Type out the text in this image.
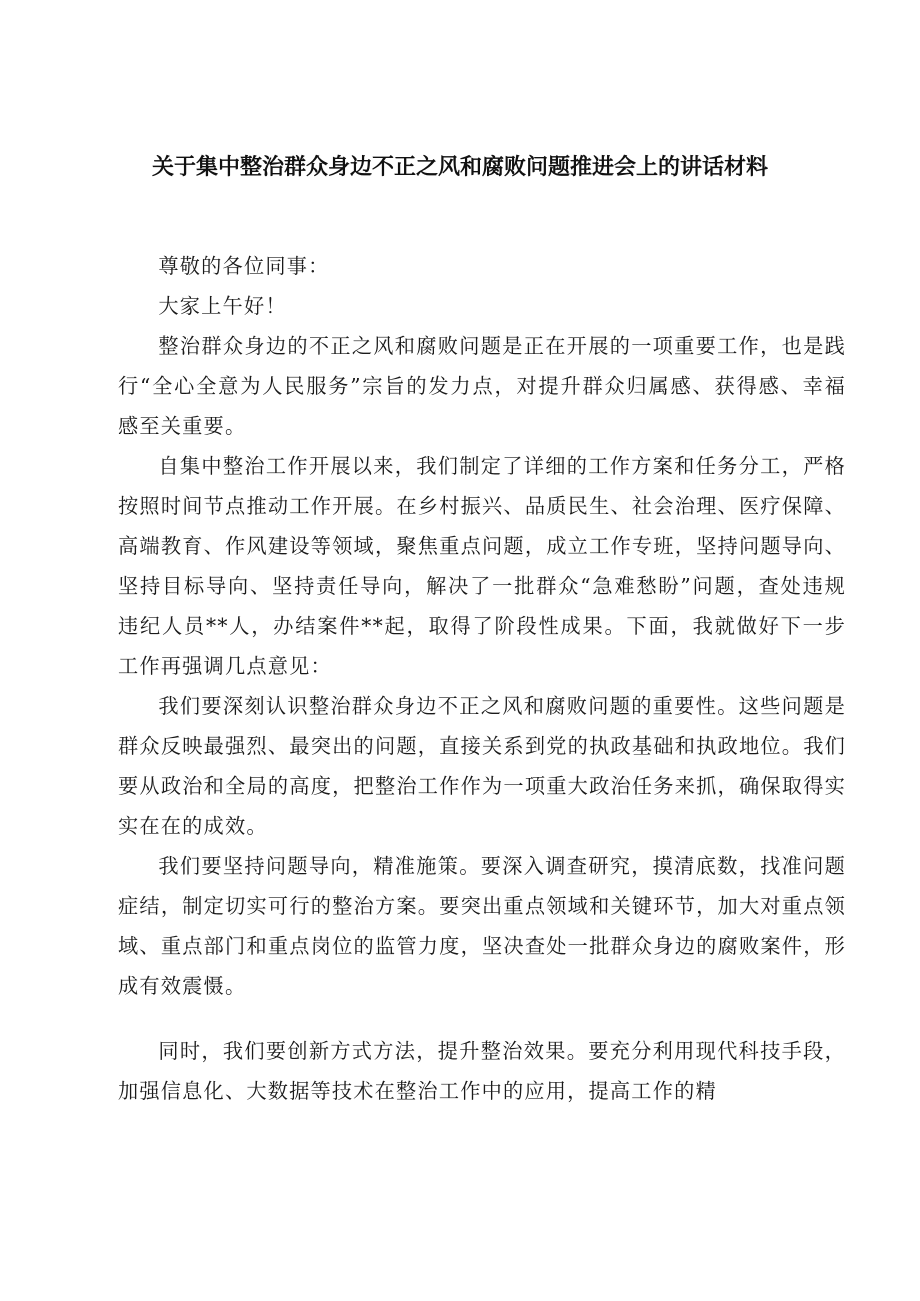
关于集中整治群众身边不正之风和腐败问题推进会上的讲话材料

尊敬的各位同事：

大家上午好！

整治群众身边的不正之风和腐败问题是正在开展的一项重要工作，也是践行“全心全意为人民服务”宗旨的发力点，对提升群众归属感、获得感、幸福感至关重要。

自集中整治工作开展以来，我们制定了详细的工作方案和任务分工，严格按照时间节点推动工作开展。在乡村振兴、品质民生、社会治理、医疗保障、高端教育、作风建设等领域，聚焦重点问题，成立工作专班，坚持问题导向、坚持目标导向、坚持责任导向，解决了一批群众“急难愁盼”问题，查处违规违纪人员**人，办结案件**起，取得了阶段性成果。下面，我就做好下一步工作再强调几点意见：

我们要深刻认识整治群众身边不正之风和腐败问题的重要性。这些问题是群众反映最强烈、最突出的问题，直接关系到党的执政基础和执政地位。我们要从政治和全局的高度，把整治工作作为一项重大政治任务来抓，确保取得实实在在的成效。

我们要坚持问题导向，精准施策。要深入调查研究，摸清底数，找准问题症结，制定切实可行的整治方案。要突出重点领域和关键环节，加大对重点领域、重点部门和重点岗位的监管力度，坚决查处一批群众身边的腐败案件，形成有效震慑。

同时，我们要创新方式方法，提升整治效果。要充分利用现代科技手段，加强信息化、大数据等技术在整治工作中的应用，提高工作的精
